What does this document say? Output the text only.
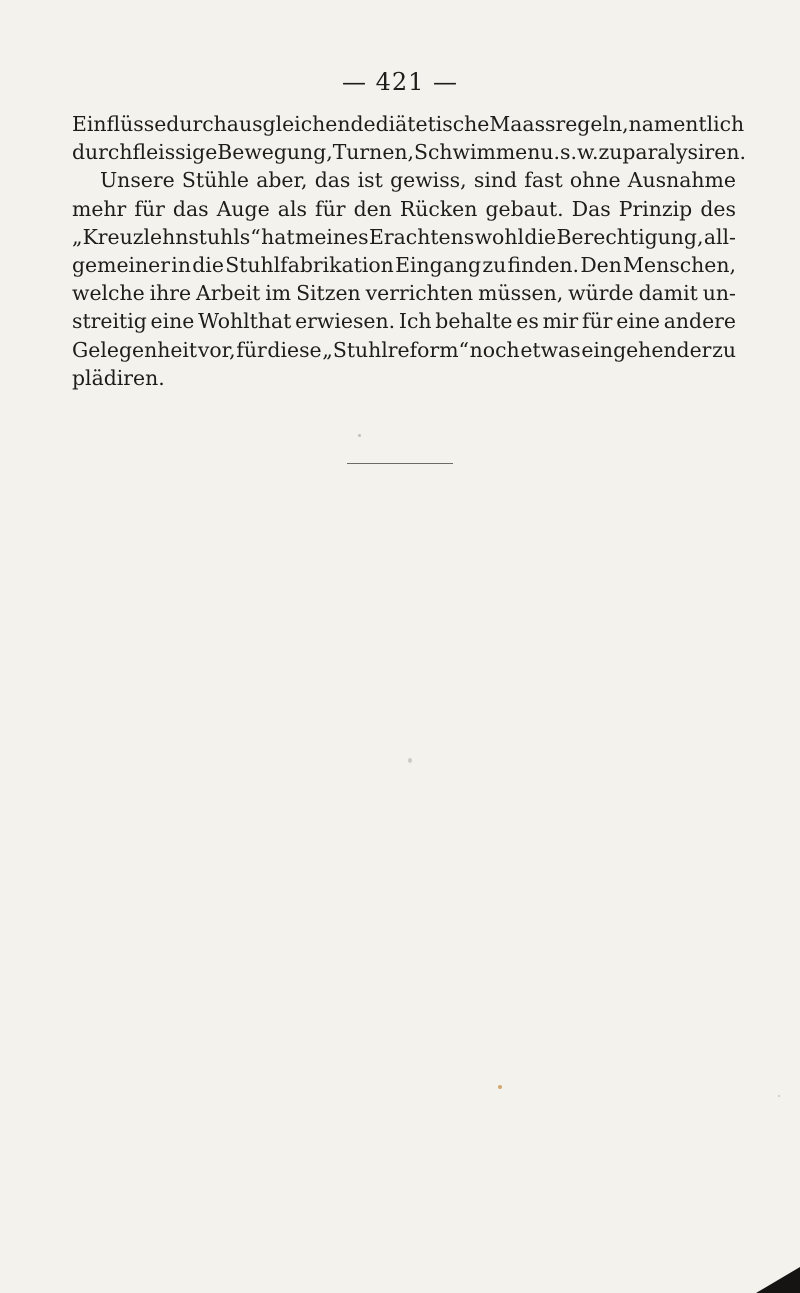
— 421 —
Einflüsse durch ausgleichende diätetische Maassregeln, namentlich
durch fleissige Bewegung, Turnen, Schwimmen u. s. w. zu paralysiren.
Unsere Stühle aber, das ist gewiss, sind fast ohne Ausnahme
mehr für das Auge als für den Rücken gebaut. Das Prinzip des
„Kreuzlehnstuhls“ hat meines Erachtens wohl die Berechtigung, all-
gemeiner in die Stuhlfabrikation Eingang zu finden. Den Menschen,
welche ihre Arbeit im Sitzen verrichten müssen, würde damit un-
streitig eine Wohlthat erwiesen. Ich behalte es mir für eine andere
Gelegenheit vor, für diese „Stuhlreform“ noch etwas eingehender zu
plädiren.
